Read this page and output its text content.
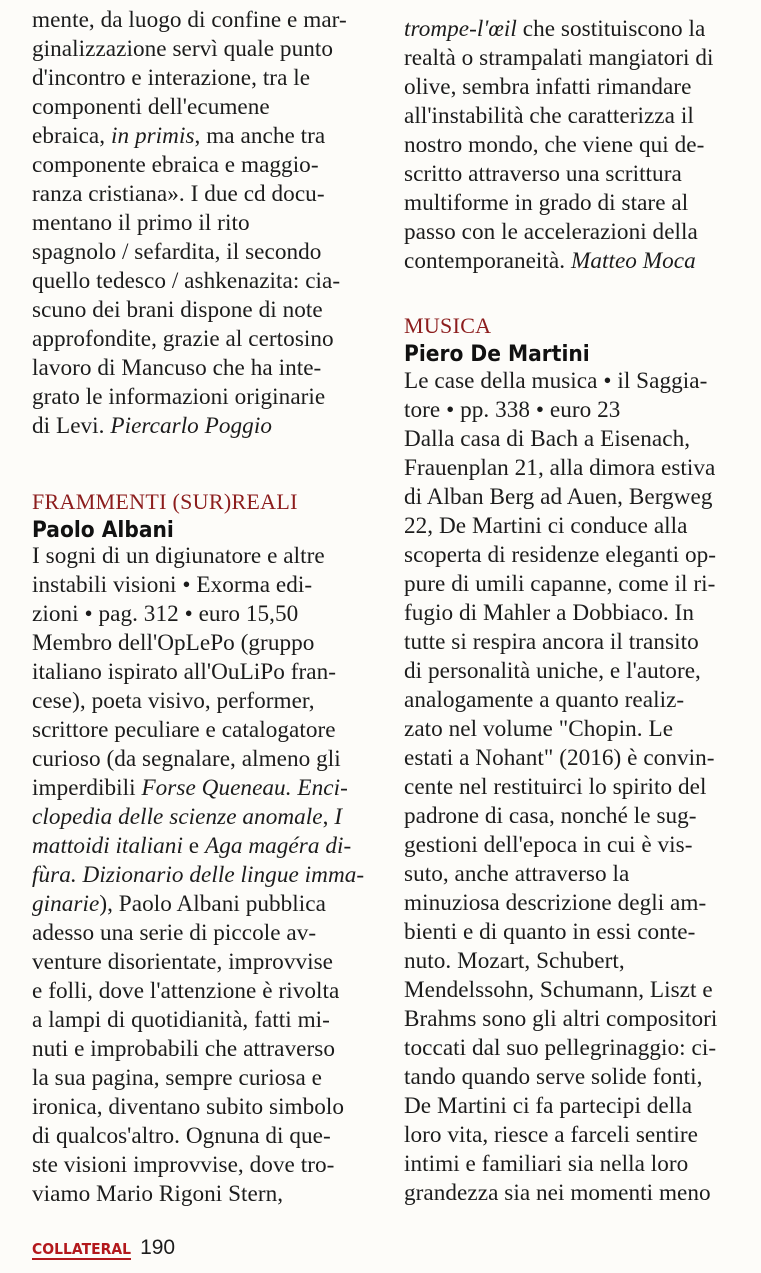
FRAMMENTI (SUR)REALI
Paolo Albani
mente, da luogo di confine e mar-
ginalizzazione servì quale punto
d'incontro e interazione, tra le
componenti dell'ecumene
ebraica, in primis, ma anche tra
componente ebraica e maggio-
ranza cristiana». I due cd docu-
mentano il primo il rito
spagnolo / sefardita, il secondo
quello tedesco / ashkenazita: cia-
scuno dei brani dispone di note
approfondite, grazie al certosino
lavoro di Mancuso che ha inte-
grato le informazioni originarie
di Levi. Piercarlo Poggio
I sogni di un digiunatore e altre
instabili visioni • Exorma edi-
zioni • pag. 312 • euro 15,50
Membro dell'OpLePo (gruppo
italiano ispirato all'OuLiPo fran-
cese), poeta visivo, performer,
scrittore peculiare e catalogatore
curioso (da segnalare, almeno gli
imperdibili Forse Queneau. Enci-
clopedia delle scienze anomale, I
mattoidi italiani e Aga magéra di-
fùra. Dizionario delle lingue imma-
ginarie), Paolo Albani pubblica
adesso una serie di piccole av-
venture disorientate, improvvise
e folli, dove l'attenzione è rivolta
a lampi di quotidianità, fatti mi-
nuti e improbabili che attraverso
la sua pagina, sempre curiosa e
ironica, diventano subito simbolo
di qualcos'altro. Ognuna di que-
ste visioni improvvise, dove tro-
viamo Mario Rigoni Stern,
MUSICA
Piero De Martini
trompe-l'œil che sostituiscono la
realtà o strampalati mangiatori di
olive, sembra infatti rimandare
all'instabilità che caratterizza il
nostro mondo, che viene qui de-
scritto attraverso una scrittura
multiforme in grado di stare al
passo con le accelerazioni della
contemporaneità. Matteo Moca
Le case della musica • il Saggia-
tore • pp. 338 • euro 23
Dalla casa di Bach a Eisenach,
Frauenplan 21, alla dimora estiva
di Alban Berg ad Auen, Bergweg
22, De Martini ci conduce alla
scoperta di residenze eleganti op-
pure di umili capanne, come il ri-
fugio di Mahler a Dobbiaco. In
tutte si respira ancora il transito
di personalità uniche, e l'autore,
analogamente a quanto realiz-
zato nel volume "Chopin. Le
estati a Nohant" (2016) è convin-
cente nel restituirci lo spirito del
padrone di casa, nonché le sug-
gestioni dell'epoca in cui è vis-
suto, anche attraverso la
minuziosa descrizione degli am-
bienti e di quanto in essi conte-
nuto. Mozart, Schubert,
Mendelssohn, Schumann, Liszt e
Brahms sono gli altri compositori
toccati dal suo pellegrinaggio: ci-
tando quando serve solide fonti,
De Martini ci fa partecipi della
loro vita, riesce a farceli sentire
intimi e familiari sia nella loro
grandezza sia nei momenti meno
COLLATERAL 190
